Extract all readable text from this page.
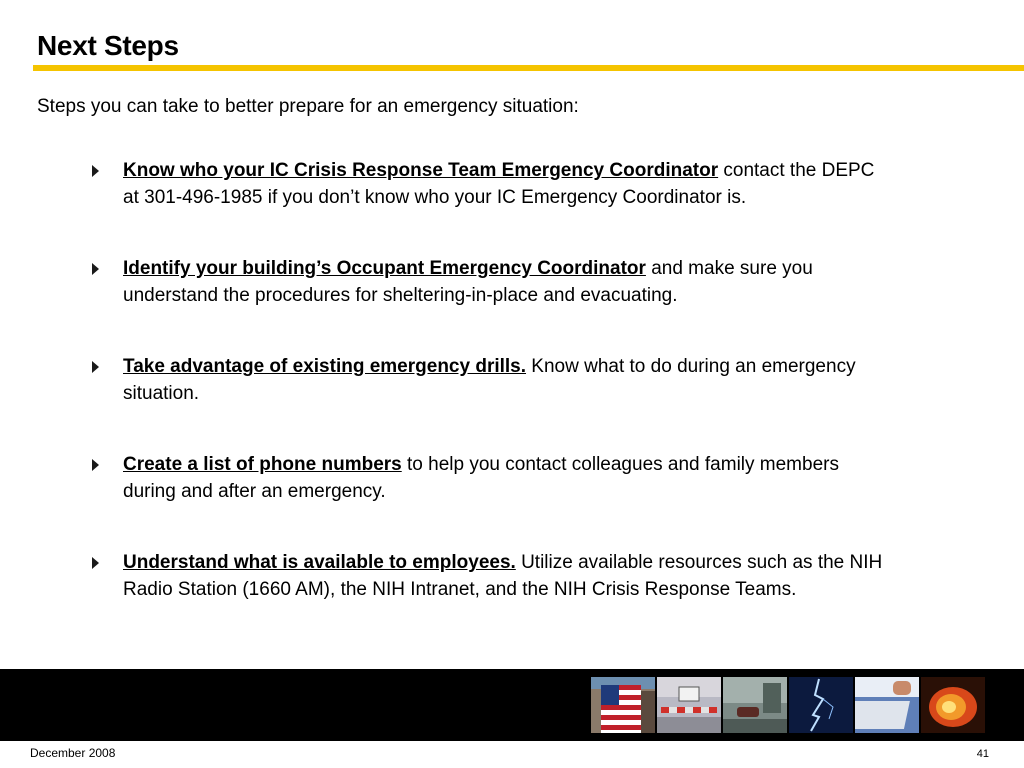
Next Steps

Steps you can take to better prepare for an emergency situation:

Know who your IC Crisis Response Team Emergency Coordinator contact the DEPC at 301-496-1985 if you don’t know who your IC Emergency Coordinator is.
Identify your building’s Occupant Emergency Coordinator and make sure you understand the procedures for sheltering-in-place and evacuating.
Take advantage of existing emergency drills. Know what to do during an emergency situation.
Create a list of phone numbers to help you contact colleagues and family members during and after an emergency.
Understand what is available to employees. Utilize available resources such as the NIH Radio Station (1660 AM), the NIH Intranet, and the NIH Crisis Response Teams.

December 2008	41
